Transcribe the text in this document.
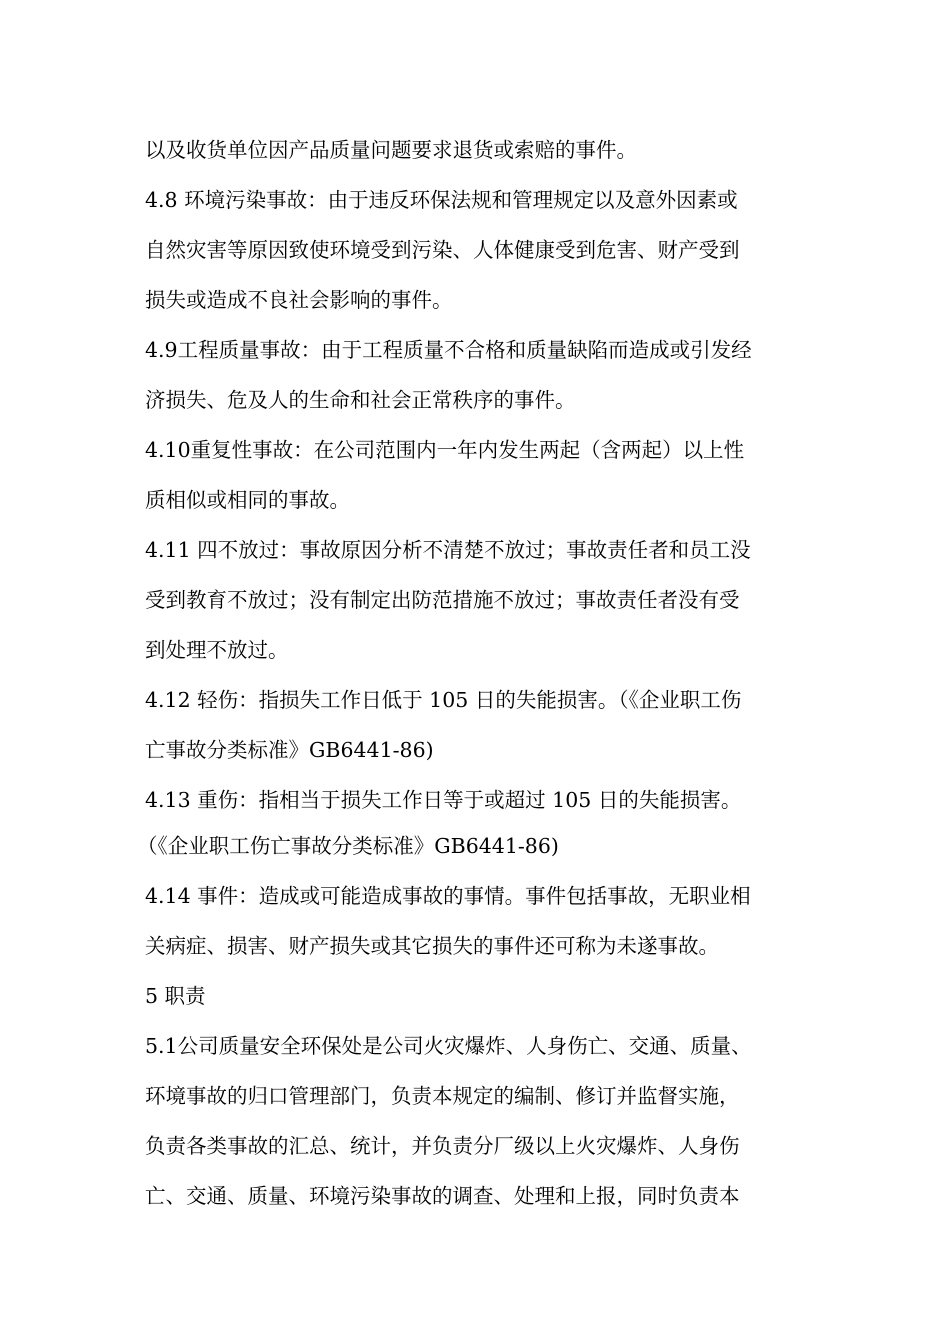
以及收货单位因产品质量问题要求退货或索赔的事件。
4.8 环境污染事故：由于违反环保法规和管理规定以及意外因素或
自然灾害等原因致使环境受到污染、人体健康受到危害、财产受到
损失或造成不良社会影响的事件。
4.9工程质量事故：由于工程质量不合格和质量缺陷而造成或引发经
济损失、危及人的生命和社会正常秩序的事件。
4.10重复性事故：在公司范围内一年内发生两起（含两起）以上性
质相似或相同的事故。
4.11 四不放过：事故原因分析不清楚不放过；事故责任者和员工没
受到教育不放过；没有制定出防范措施不放过；事故责任者没有受
到处理不放过。
4.12 轻伤：指损失工作日低于 105 日的失能损害。（《企业职工伤
亡事故分类标准》GB6441-86)
4.13 重伤：指相当于损失工作日等于或超过 105 日的失能损害。
（《企业职工伤亡事故分类标准》GB6441-86)
4.14 事件：造成或可能造成事故的事情。事件包括事故，无职业相
关病症、损害、财产损失或其它损失的事件还可称为未遂事故。
5 职责
5.1公司质量安全环保处是公司火灾爆炸、人身伤亡、交通、质量、
环境事故的归口管理部门，负责本规定的编制、修订并监督实施，
负责各类事故的汇总、统计，并负责分厂级以上火灾爆炸、人身伤
亡、交通、质量、环境污染事故的调查、处理和上报，同时负责本
